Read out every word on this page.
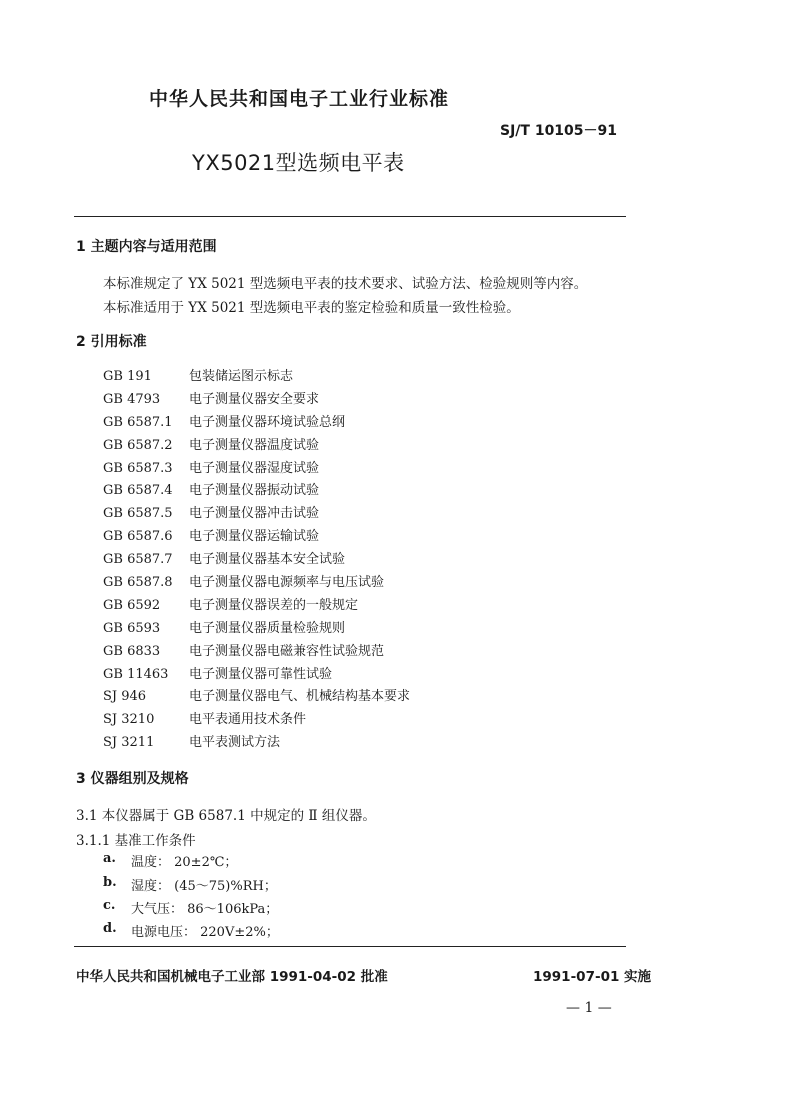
中华人民共和国电子工业行业标准
SJ/T 10105－91
YX5021型选频电平表
1 主题内容与适用范围
本标准规定了 YX 5021 型选频电平表的技术要求、试验方法、检验规则等内容。
本标准适用于 YX 5021 型选频电平表的鉴定检验和质量一致性检验。
2 引用标准
GB 191	包装储运图示标志
GB 4793	电子测量仪器安全要求
GB 6587.1	电子测量仪器环境试验总纲
GB 6587.2	电子测量仪器温度试验
GB 6587.3	电子测量仪器湿度试验
GB 6587.4	电子测量仪器振动试验
GB 6587.5	电子测量仪器冲击试验
GB 6587.6	电子测量仪器运输试验
GB 6587.7	电子测量仪器基本安全试验
GB 6587.8	电子测量仪器电源频率与电压试验
GB 6592	电子测量仪器误差的一般规定
GB 6593	电子测量仪器质量检验规则
GB 6833	电子测量仪器电磁兼容性试验规范
GB 11463	电子测量仪器可靠性试验
SJ 946	电子测量仪器电气、机械结构基本要求
SJ 3210	电平表通用技术条件
SJ 3211	电平表测试方法
3 仪器组别及规格
3.1 本仪器属于 GB 6587.1 中规定的 Ⅱ 组仪器。
3.1.1 基准工作条件
a.	温度： 20±2℃；
b.	湿度： (45～75)%RH；
c.	大气压： 86～106kPa；
d.	电源电压： 220V±2%；
中华人民共和国机械电子工业部 1991-04-02 批准	1991-07-01 实施
— 1 —
